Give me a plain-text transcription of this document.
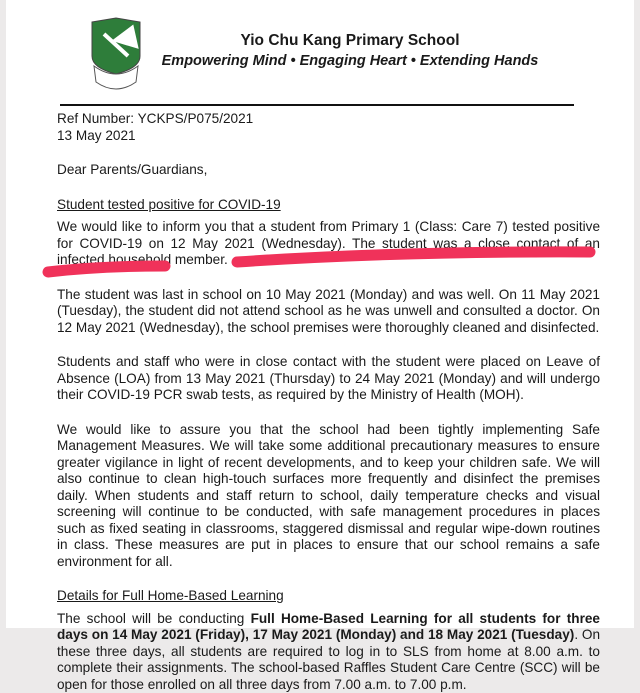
Yio Chu Kang Primary School
Empowering Mind • Engaging Heart • Extending Hands

Ref Number: YCKPS/P075/2021

13 May 2021

Dear Parents/Guardians,

Student tested positive for COVID-19

We would like to inform you that a student from Primary 1 (Class: Care 7) tested positive for COVID-19 on 12 May 2021 (Wednesday). The student was a close contact of an infected household member.

The student was last in school on 10 May 2021 (Monday) and was well. On 11 May 2021 (Tuesday), the student did not attend school as he was unwell and consulted a doctor. On 12 May 2021 (Wednesday), the school premises were thoroughly cleaned and disinfected.

Students and staff who were in close contact with the student were placed on Leave of Absence (LOA) from 13 May 2021 (Thursday) to 24 May 2021 (Monday) and will undergo their COVID-19 PCR swab tests, as required by the Ministry of Health (MOH).

We would like to assure you that the school had been tightly implementing Safe Management Measures. We will take some additional precautionary measures to ensure greater vigilance in light of recent developments, and to keep your children safe. We will also continue to clean high-touch surfaces more frequently and disinfect the premises daily. When students and staff return to school, daily temperature checks and visual screening will continue to be conducted, with safe management procedures in places such as fixed seating in classrooms, staggered dismissal and regular wipe-down routines in class. These measures are put in places to ensure that our school remains a safe environment for all.

Details for Full Home-Based Learning

The school will be conducting Full Home-Based Learning for all students for three days on 14 May 2021 (Friday), 17 May 2021 (Monday) and 18 May 2021 (Tuesday). On these three days, all students are required to log in to SLS from home at 8.00 a.m. to complete their assignments. The school-based Raffles Student Care Centre (SCC) will be open for those enrolled on all three days from 7.00 a.m. to 7.00 p.m.
